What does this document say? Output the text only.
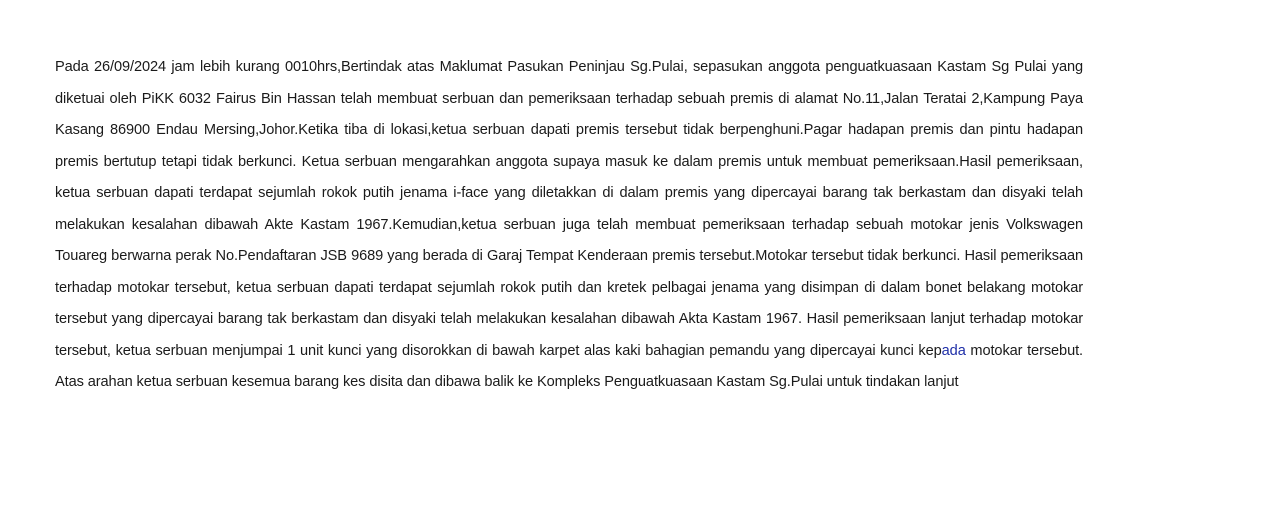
Pada 26/09/2024 jam lebih kurang 0010hrs,Bertindak atas Maklumat Pasukan Peninjau Sg.Pulai, sepasukan anggota penguatkuasaan Kastam Sg Pulai yang diketuai oleh PiKK 6032 Fairus Bin Hassan telah membuat serbuan dan pemeriksaan terhadap sebuah premis di alamat No.11,Jalan Teratai 2,Kampung Paya Kasang 86900 Endau Mersing,Johor.Ketika tiba di lokasi,ketua serbuan dapati premis tersebut tidak berpenghuni.Pagar hadapan premis dan pintu hadapan premis bertutup tetapi tidak berkunci. Ketua serbuan mengarahkan anggota supaya masuk ke dalam premis untuk membuat pemeriksaan.Hasil pemeriksaan, ketua serbuan dapati terdapat sejumlah rokok putih jenama i-face yang diletakkan di dalam premis yang dipercayai barang tak berkastam dan disyaki telah melakukan kesalahan dibawah Akte Kastam 1967.Kemudian,ketua serbuan juga telah membuat pemeriksaan terhadap sebuah motokar jenis Volkswagen Touareg berwarna perak No.Pendaftaran JSB 9689 yang berada di Garaj Tempat Kenderaan premis tersebut.Motokar tersebut tidak berkunci. Hasil pemeriksaan terhadap motokar tersebut, ketua serbuan dapati terdapat sejumlah rokok putih dan kretek pelbagai jenama yang disimpan di dalam bonet belakang motokar tersebut yang dipercayai barang tak berkastam dan disyaki telah melakukan kesalahan dibawah Akta Kastam 1967. Hasil pemeriksaan lanjut terhadap motokar tersebut, ketua serbuan menjumpai 1 unit kunci yang disorokkan di bawah karpet alas kaki bahagian pemandu yang dipercayai kunci kepada motokar tersebut. Atas arahan ketua serbuan kesemua barang kes disita dan dibawa balik ke Kompleks Penguatkuasaan Kastam Sg.Pulai untuk tindakan lanjut
